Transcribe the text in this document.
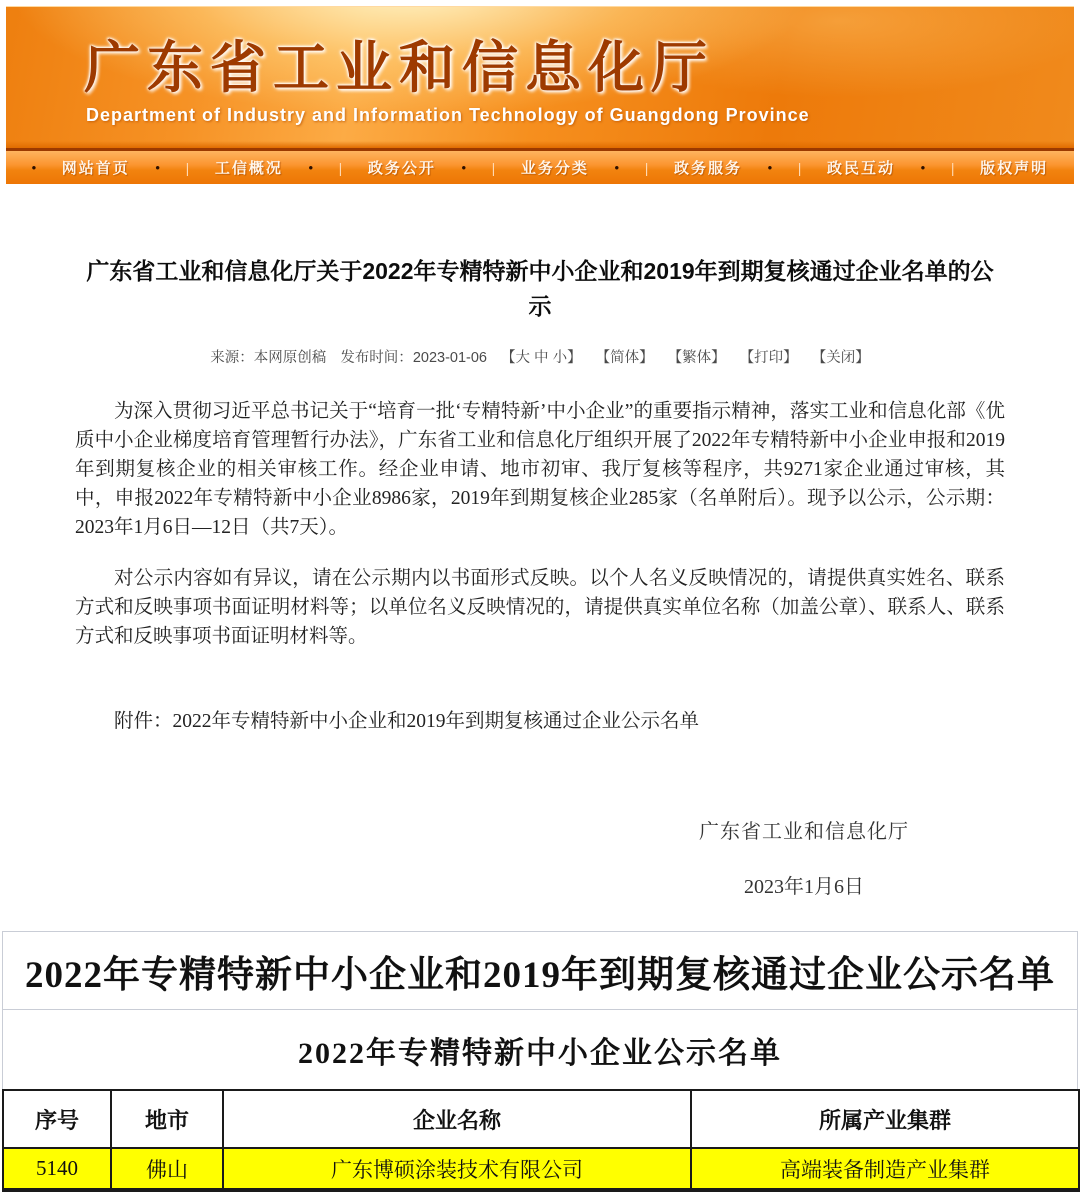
广东省工业和信息化厅
Department of Industry and Information Technology of Guangdong Province
• 网站首页 • | 工信概况 • | 政务公开 • | 业务分类 • | 政务服务 • | 政民互动 • | 版权声明
广东省工业和信息化厅关于2022年专精特新中小企业和2019年到期复核通过企业名单的公示
来源：本网原创稿 发布时间：2023-01-06 【大 中 小】 【简体】 【繁体】 【打印】 【关闭】

为深入贯彻习近平总书记关于“培育一批‘专精特新’中小企业”的重要指示精神，落实工业和信息化部《优质中小企业梯度培育管理暂行办法》，广东省工业和信息化厅组织开展了2022年专精特新中小企业申报和2019年到期复核企业的相关审核工作。经企业申请、地市初审、我厅复核等程序，共9271家企业通过审核，其中，申报2022年专精特新中小企业8986家，2019年到期复核企业285家（名单附后）。现予以公示，公示期：2023年1月6日—12日（共7天）。

对公示内容如有异议，请在公示期内以书面形式反映。以个人名义反映情况的，请提供真实姓名、联系方式和反映事项书面证明材料等；以单位名义反映情况的，请提供真实单位名称（加盖公章）、联系人、联系方式和反映事项书面证明材料等。

附件：2022年专精特新中小企业和2019年到期复核通过企业公示名单

广东省工业和信息化厅
2023年1月6日
2022年专精特新中小企业和2019年到期复核通过企业公示名单
2022年专精特新中小企业公示名单
序号	地市	企业名称	所属产业集群
5140	佛山	广东博硕涂装技术有限公司	高端装备制造产业集群
